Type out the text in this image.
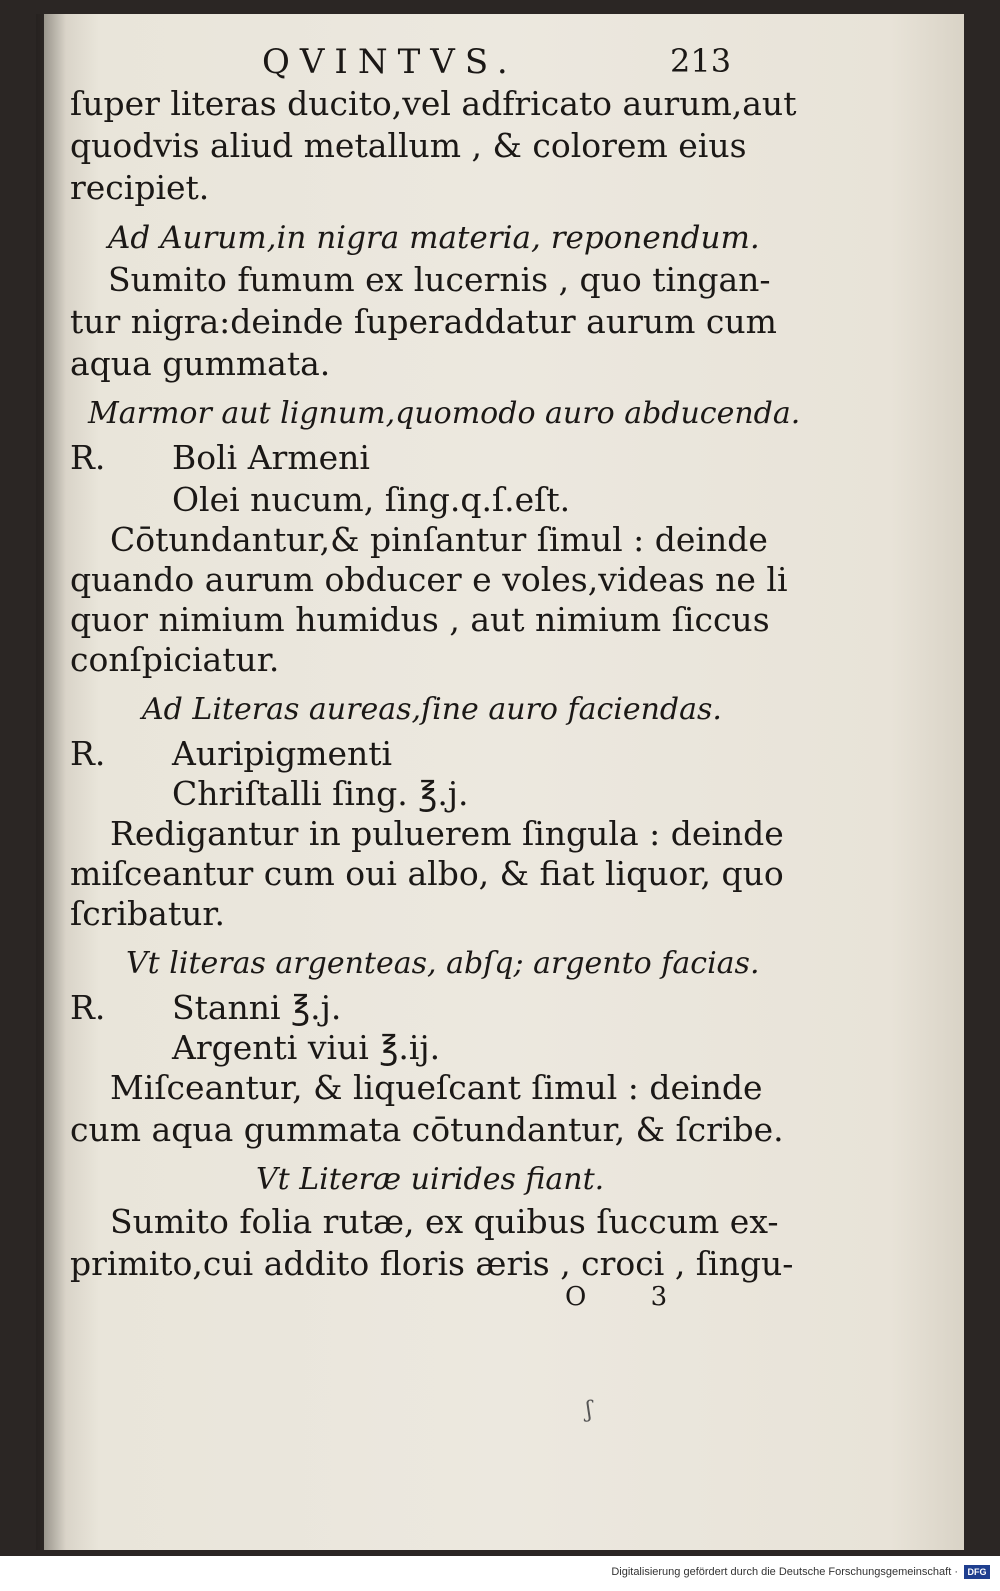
QVINTVS.	213
ſuper literas ducito,vel adfricato aurum,aut
quodvis aliud metallum , & colorem eius
recipiet.
Ad Aurum,in nigra materia, reponendum.
Sumito fumum ex lucernis , quo tingan-
tur nigra:deinde ſuperaddatur aurum cum
aqua gummata.
Marmor aut lignum,quomodo auro abducenda.
R. Boli Armeni
Olei nucum, ſing.q.ſ.eſt.
Cōtundantur,& pinſantur ſimul : deinde
quando aurum obducer e voles,videas ne li
quor nimium humidus , aut nimium ſiccus
conſpiciatur.
Ad Literas aureas,ſine auro faciendas.
R. Auripigmenti
Chriſtalli ſing. ℥.j.
Redigantur in puluerem ſingula : deinde
miſceantur cum oui albo, & fiat liquor, quo
ſcribatur.
Vt literas argenteas, abſq; argento facias.
R. Stanni ℥.j.
Argenti viui ℥.ij.
Miſceantur, & liqueſcant ſimul : deinde
cum aqua gummata cōtundantur, & ſcribe.
Vt Literæ uirides fiant.
Sumito folia rutæ, ex quibus ſuccum ex-
primito,cui addito floris æris , croci , ſingu-
O 3
ʃ
Digitalisierung gefördert durch die Deutsche Forschungsgemeinschaft ·	DFG
